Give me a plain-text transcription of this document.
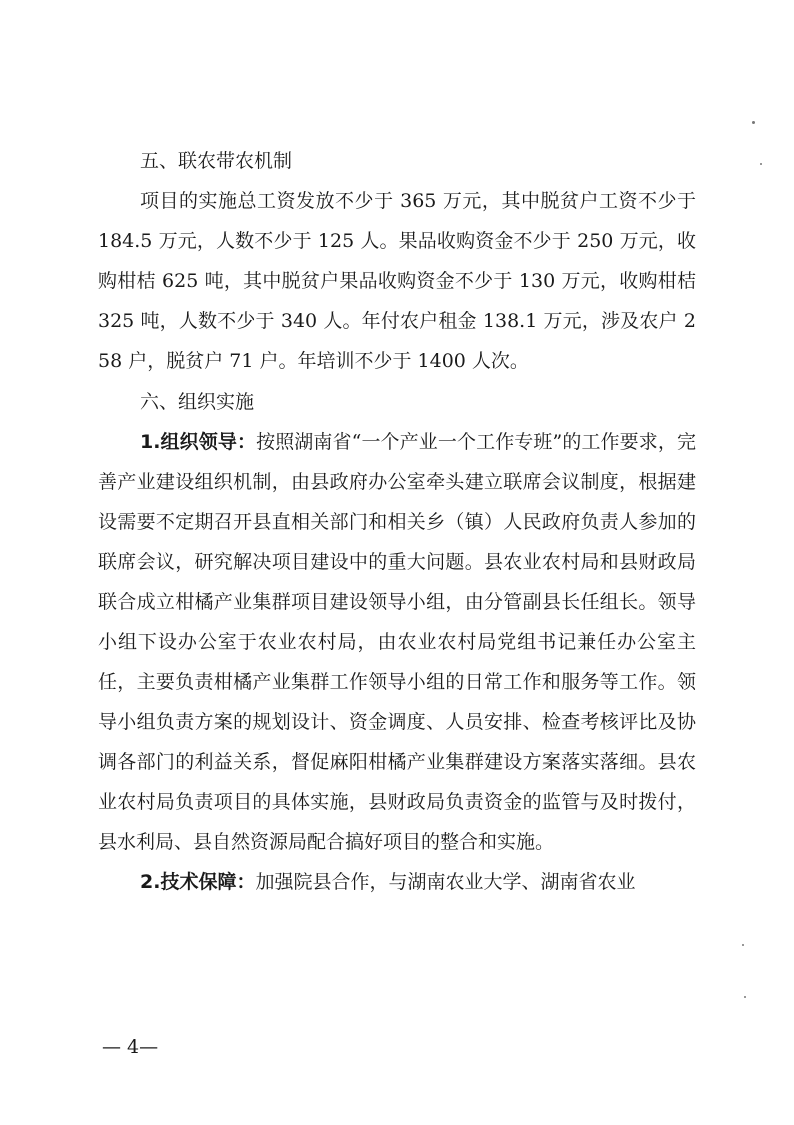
五、联农带农机制

项目的实施总工资发放不少于 365 万元，其中脱贫户工资不少于 184.5 万元，人数不少于 125 人。果品收购资金不少于 250 万元，收购柑桔 625 吨，其中脱贫户果品收购资金不少于 130 万元，收购柑桔 325 吨，人数不少于 340 人。年付农户租金 138.1 万元，涉及农户 258 户，脱贫户 71 户。年培训不少于 1400 人次。

六、组织实施

1.组织领导：按照湖南省“一个产业一个工作专班”的工作要求，完善产业建设组织机制，由县政府办公室牵头建立联席会议制度，根据建设需要不定期召开县直相关部门和相关乡（镇）人民政府负责人参加的联席会议，研究解决项目建设中的重大问题。县农业农村局和县财政局联合成立柑橘产业集群项目建设领导小组，由分管副县长任组长。领导小组下设办公室于农业农村局，由农业农村局党组书记兼任办公室主任，主要负责柑橘产业集群工作领导小组的日常工作和服务等工作。领导小组负责方案的规划设计、资金调度、人员安排、检查考核评比及协调各部门的利益关系，督促麻阳柑橘产业集群建设方案落实落细。县农业农村局负责项目的具体实施，县财政局负责资金的监管与及时拨付，县水利局、县自然资源局配合搞好项目的整合和实施。

2.技术保障：加强院县合作，与湖南农业大学、湖南省农业

— 4—
